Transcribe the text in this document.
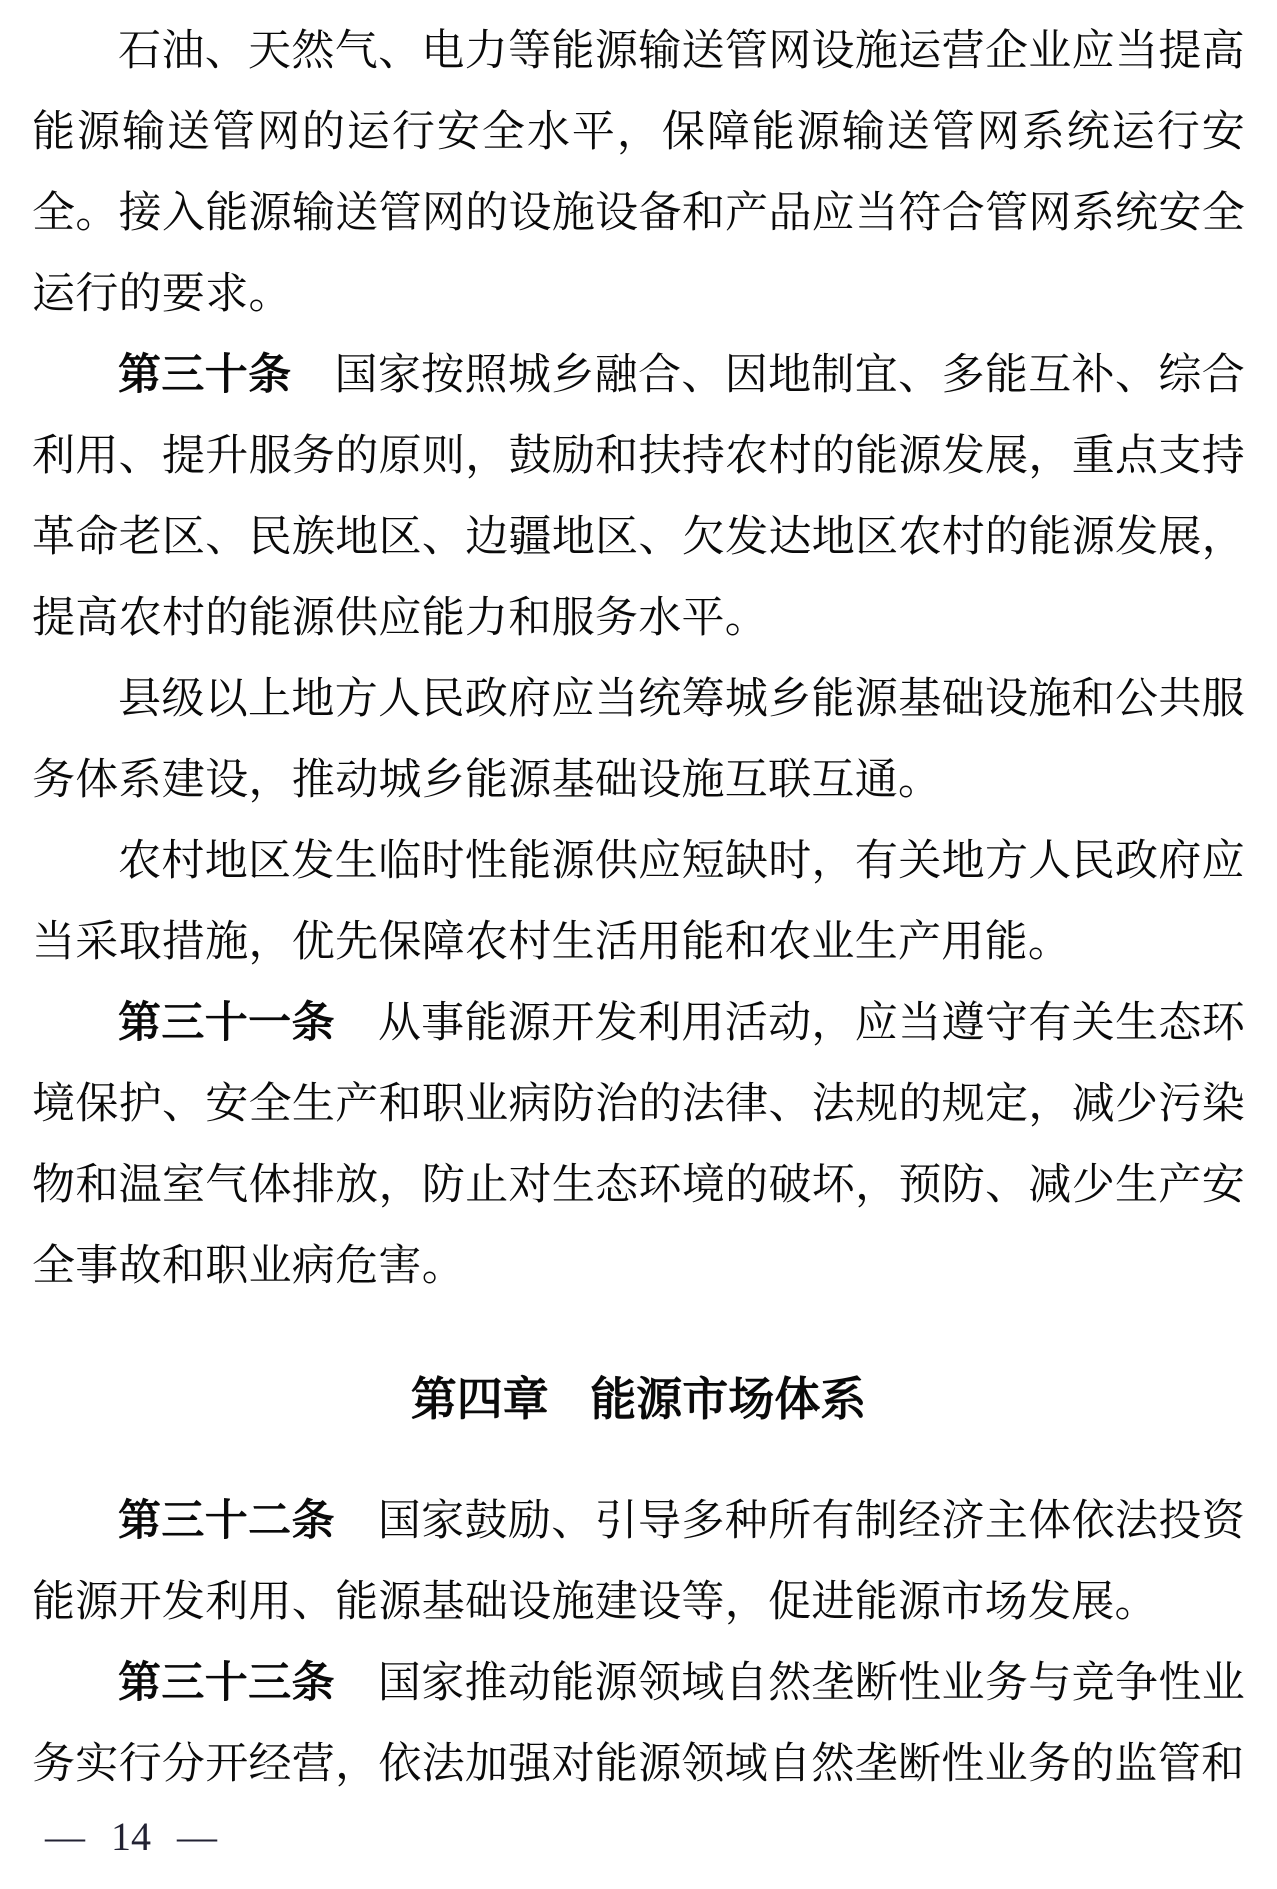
石油、天然气、电力等能源输送管网设施运营企业应当提高能源输送管网的运行安全水平，保障能源输送管网系统运行安全。接入能源输送管网的设施设备和产品应当符合管网系统安全运行的要求。

第三十条 国家按照城乡融合、因地制宜、多能互补、综合利用、提升服务的原则，鼓励和扶持农村的能源发展，重点支持革命老区、民族地区、边疆地区、欠发达地区农村的能源发展，提高农村的能源供应能力和服务水平。

县级以上地方人民政府应当统筹城乡能源基础设施和公共服务体系建设，推动城乡能源基础设施互联互通。

农村地区发生临时性能源供应短缺时，有关地方人民政府应当采取措施，优先保障农村生活用能和农业生产用能。

第三十一条 从事能源开发利用活动，应当遵守有关生态环境保护、安全生产和职业病防治的法律、法规的规定，减少污染物和温室气体排放，防止对生态环境的破坏，预防、减少生产安全事故和职业病危害。

第四章 能源市场体系

第三十二条 国家鼓励、引导多种所有制经济主体依法投资能源开发利用、能源基础设施建设等，促进能源市场发展。

第三十三条 国家推动能源领域自然垄断性业务与竞争性业务实行分开经营，依法加强对能源领域自然垄断性业务的监管和

— 14 —
